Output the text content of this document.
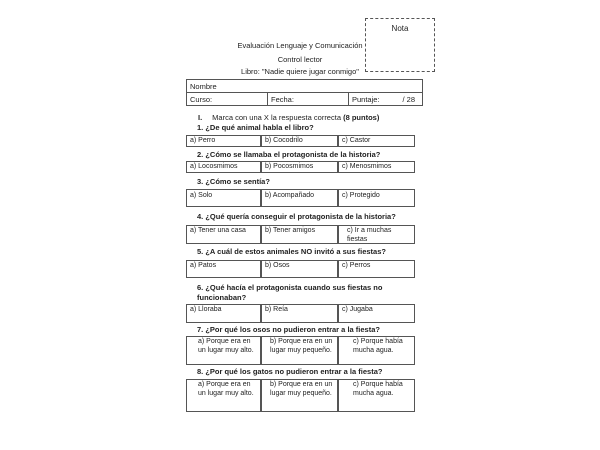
Nota
Evaluación Lenguaje y Comunicación
Control lector
Libro: "Nadie quiere jugar conmigo"
Nombre
Curso:	Fecha:	Puntaje:	/ 28
I. Marca con una X la respuesta correcta (8 puntos)
1. ¿De qué animal habla el libro?
a) Perro	b) Cocodrilo	c) Castor
2. ¿Cómo se llamaba el protagonista de la historia?
a) Locosmimos	b) Pocosmimos	c) Menosmimos
3. ¿Cómo se sentía?
a) Solo	b) Acompañado	c) Protegido
4. ¿Qué quería conseguir el protagonista de la historia?
a) Tener una casa	b) Tener amigos	c) Ir a muchas fiestas
5. ¿A cuál de estos animales NO invitó a sus fiestas?
a) Patos	b) Osos	c) Perros
6. ¿Qué hacía el protagonista cuando sus fiestas no funcionaban?
a) Lloraba	b) Reía	c) Jugaba
7. ¿Por qué los osos no pudieron entrar a la fiesta?
a) Porque era en un lugar muy alto.
b) Porque era en un lugar muy pequeño.
c) Porque había mucha agua.
8. ¿Por qué los gatos no pudieron entrar a la fiesta?
a) Porque era en un lugar muy alto.
b) Porque era en un lugar muy pequeño.
c) Porque había mucha agua.
